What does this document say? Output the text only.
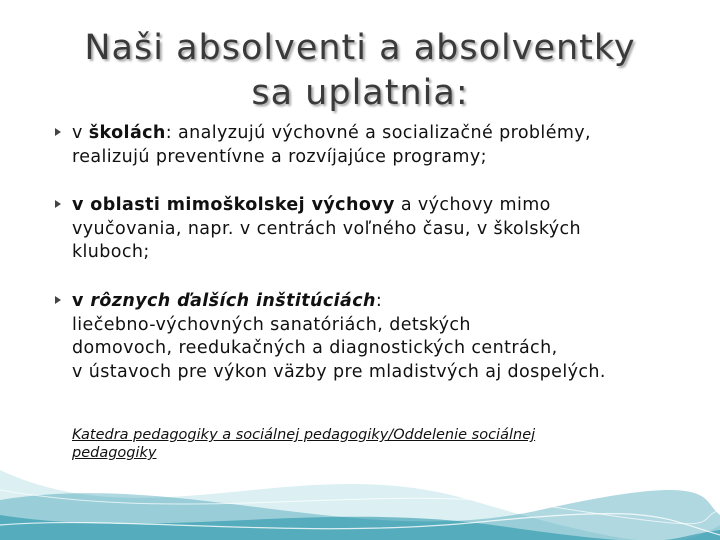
Naši absolventi a absolventky
sa uplatnia:
v školách: analyzujú výchovné a socializačné problémy,
realizujú preventívne a rozvíjajúce programy;
v oblasti mimoškolskej výchovy a výchovy mimo
vyučovania, napr. v centrách voľného času, v školských
kluboch;
v rôznych ďalších inštitúciách:
liečebno-výchovných sanatóriách, detských
domovoch, reedukačných a diagnostických centrách,
v ústavoch pre výkon väzby pre mladistvých aj dospelých.
Katedra pedagogiky a sociálnej pedagogiky/Oddelenie sociálnej
pedagogiky
